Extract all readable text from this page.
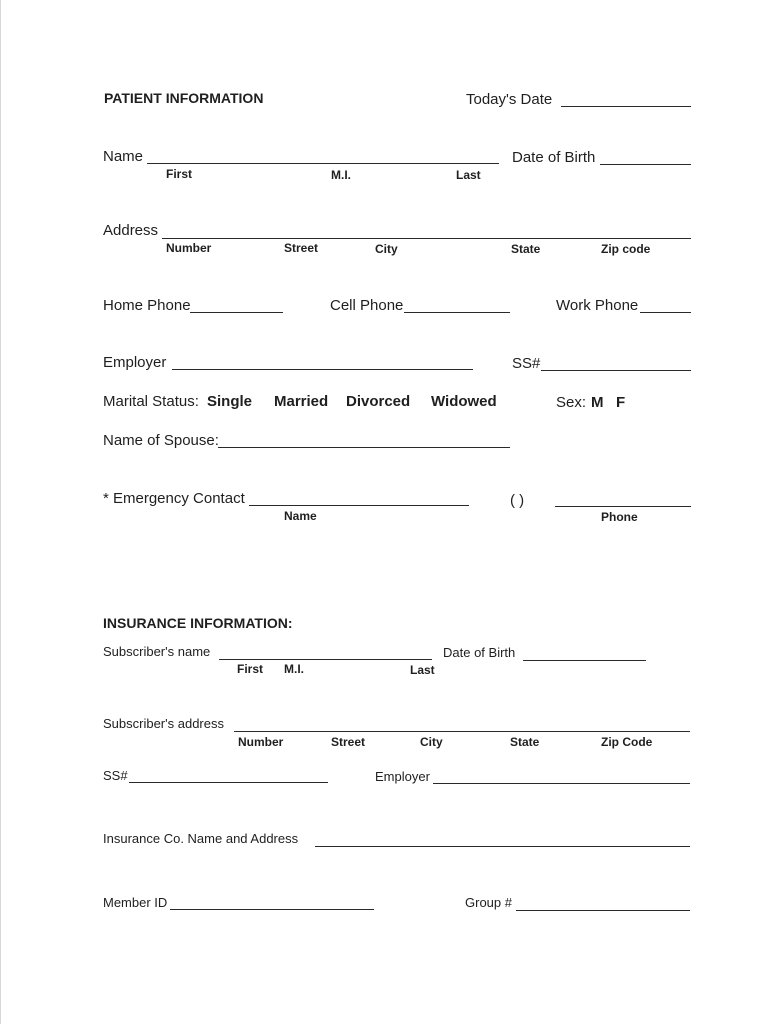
PATIENT INFORMATION	Today's Date
Name
First	M.I.	Last
Date of Birth
Address
Number	Street	City	State	Zip code
Home Phone	Cell Phone	Work Phone
Employer	SS#
Marital Status: Single Married Divorced Widowed	Sex: M F
Name of Spouse:
* Emergency Contact
Name
( )
Phone
INSURANCE INFORMATION:
Subscriber's name
First M.I.	Last
Date of Birth
Subscriber's address
Number	Street	City	State	Zip Code
SS#	Employer
Insurance Co. Name and Address
Member ID	Group #
